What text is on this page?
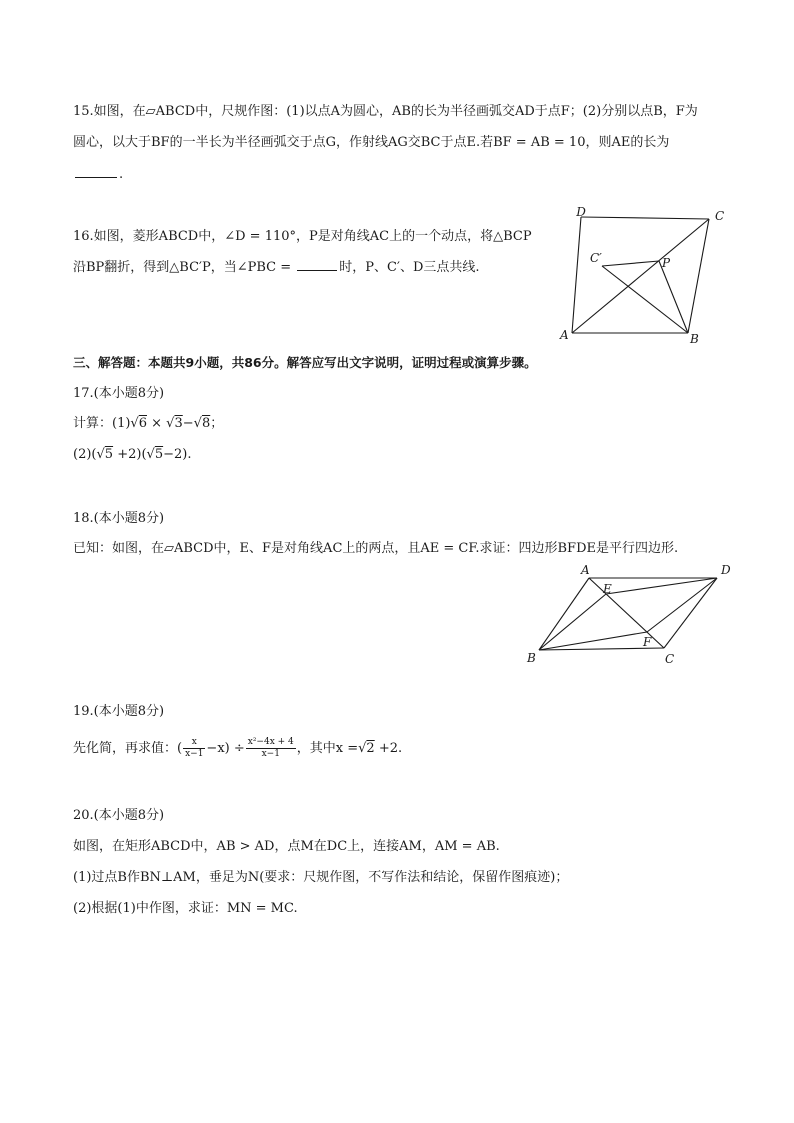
15.如图，在▱ABCD中，尺规作图：(1)以点A为圆心，AB的长为半径画弧交AD于点F；(2)分别以点B，F为
圆心，以大于BF的一半长为半径画弧交于点G，作射线AG交BC于点E.若BF = AB = 10，则AE的长为
.
16.如图，菱形ABCD中，∠D = 110°，P是对角线AC上的一个动点，将△BCP
沿BP翻折，得到△BC′P，当∠PBC =	时，P、C′、D三点共线.
D	C
A	B
P
C′
三、解答题：本题共9小题，共86分。解答应写出文字说明，证明过程或演算步骤。
17.(本小题8分)
计算：(1)√6 × √3−√8；
(2)(√5 +2)(√5−2).
18.(本小题8分)
已知：如图，在▱ABCD中，E、F是对角线AC上的两点，且AE = CF.求证：四边形BFDE是平行四边形.
A	D
E
F
B	C
19.(本小题8分)
先化简，再求值：( $\frac{x}{x-1} -x) \div \frac{\text{x²−4x + 4}}{x-1}$ ，其中x =√2 +2.
20.(本小题8分)
如图，在矩形ABCD中，AB > AD，点M在DC上，连接AM，AM = AB.
(1)过点B作BN⊥AM，垂足为N(要求：尺规作图，不写作法和结论，保留作图痕迹)；
(2)根据(1)中作图，求证：MN = MC.
